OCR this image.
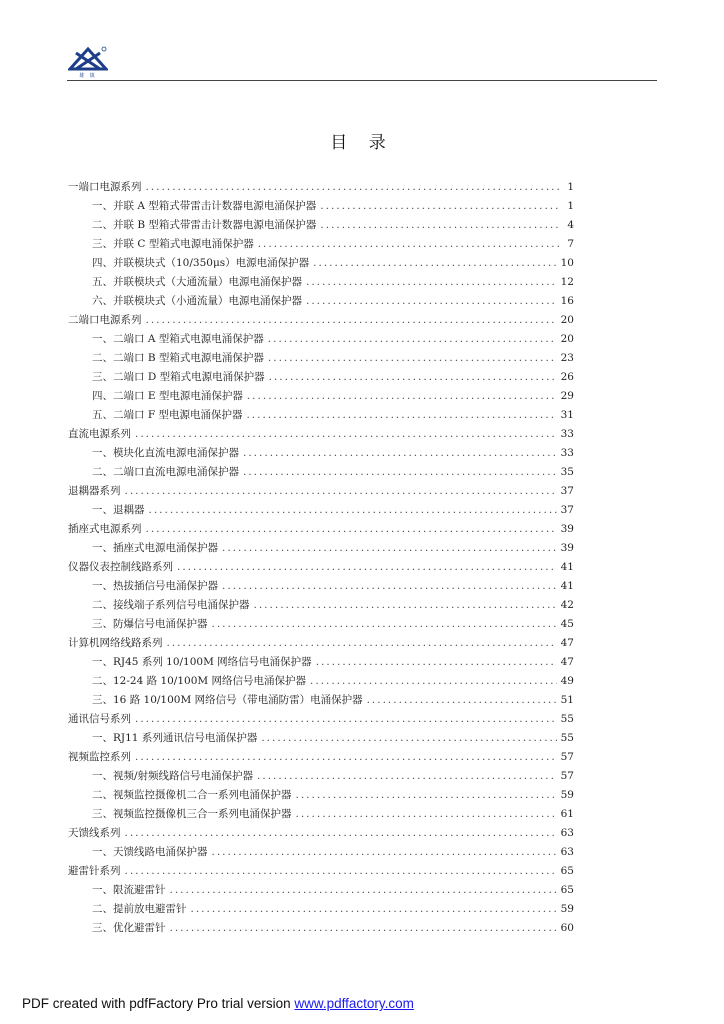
雄 镇
目 录
一端口电源系列 .....	1
一、并联 A 型箱式带雷击计数器电源电涌保护器 .....	1
二、并联 B 型箱式带雷击计数器电源电涌保护器 .....	4
三、并联 C 型箱式电源电涌保护器 .....	7
四、并联模块式（10/350μs）电源电涌保护器 .....	10
五、并联模块式（大通流量）电源电涌保护器 .....	12
六、并联模块式（小通流量）电源电涌保护器 .....	16
二端口电源系列 .....	20
一、二端口 A 型箱式电源电涌保护器 .....	20
二、二端口 B 型箱式电源电涌保护器 .....	23
三、二端口 D 型箱式电源电涌保护器 .....	26
四、二端口 E 型电源电涌保护器 .....	29
五、二端口 F 型电源电涌保护器 .....	31
直流电源系列 .....	33
一、模块化直流电源电涌保护器 .....	33
二、二端口直流电源电涌保护器 .....	35
退耦器系列 .....	37
一、退耦器 .....	37
插座式电源系列 .....	39
一、插座式电源电涌保护器 .....	39
仪器仪表控制线路系列 .....	41
一、热拔插信号电涌保护器 .....	41
二、接线端子系列信号电涌保护器 .....	42
三、防爆信号电涌保护器 .....	45
计算机网络线路系列 .....	47
一、RJ45 系列 10/100M 网络信号电涌保护器 .....	47
二、12-24 路 10/100M 网络信号电涌保护器 .....	49
三、16 路 10/100M 网络信号（带电涌防雷）电涌保护器 .....	51
通讯信号系列 .....	55
一、RJ11 系列通讯信号电涌保护器 .....	55
视频监控系列 .....	57
一、视频/射频线路信号电涌保护器 .....	57
二、视频监控摄像机二合一系列电涌保护器 .....	59
三、视频监控摄像机三合一系列电涌保护器 .....	61
天馈线系列 .....	63
一、天馈线路电涌保护器 .....	63
避雷针系列 .....	65
一、限流避雷针 .....	65
二、提前放电避雷针 .....	59
三、优化避雷针 .....	60
PDF created with pdfFactory Pro trial version www.pdffactory.com
